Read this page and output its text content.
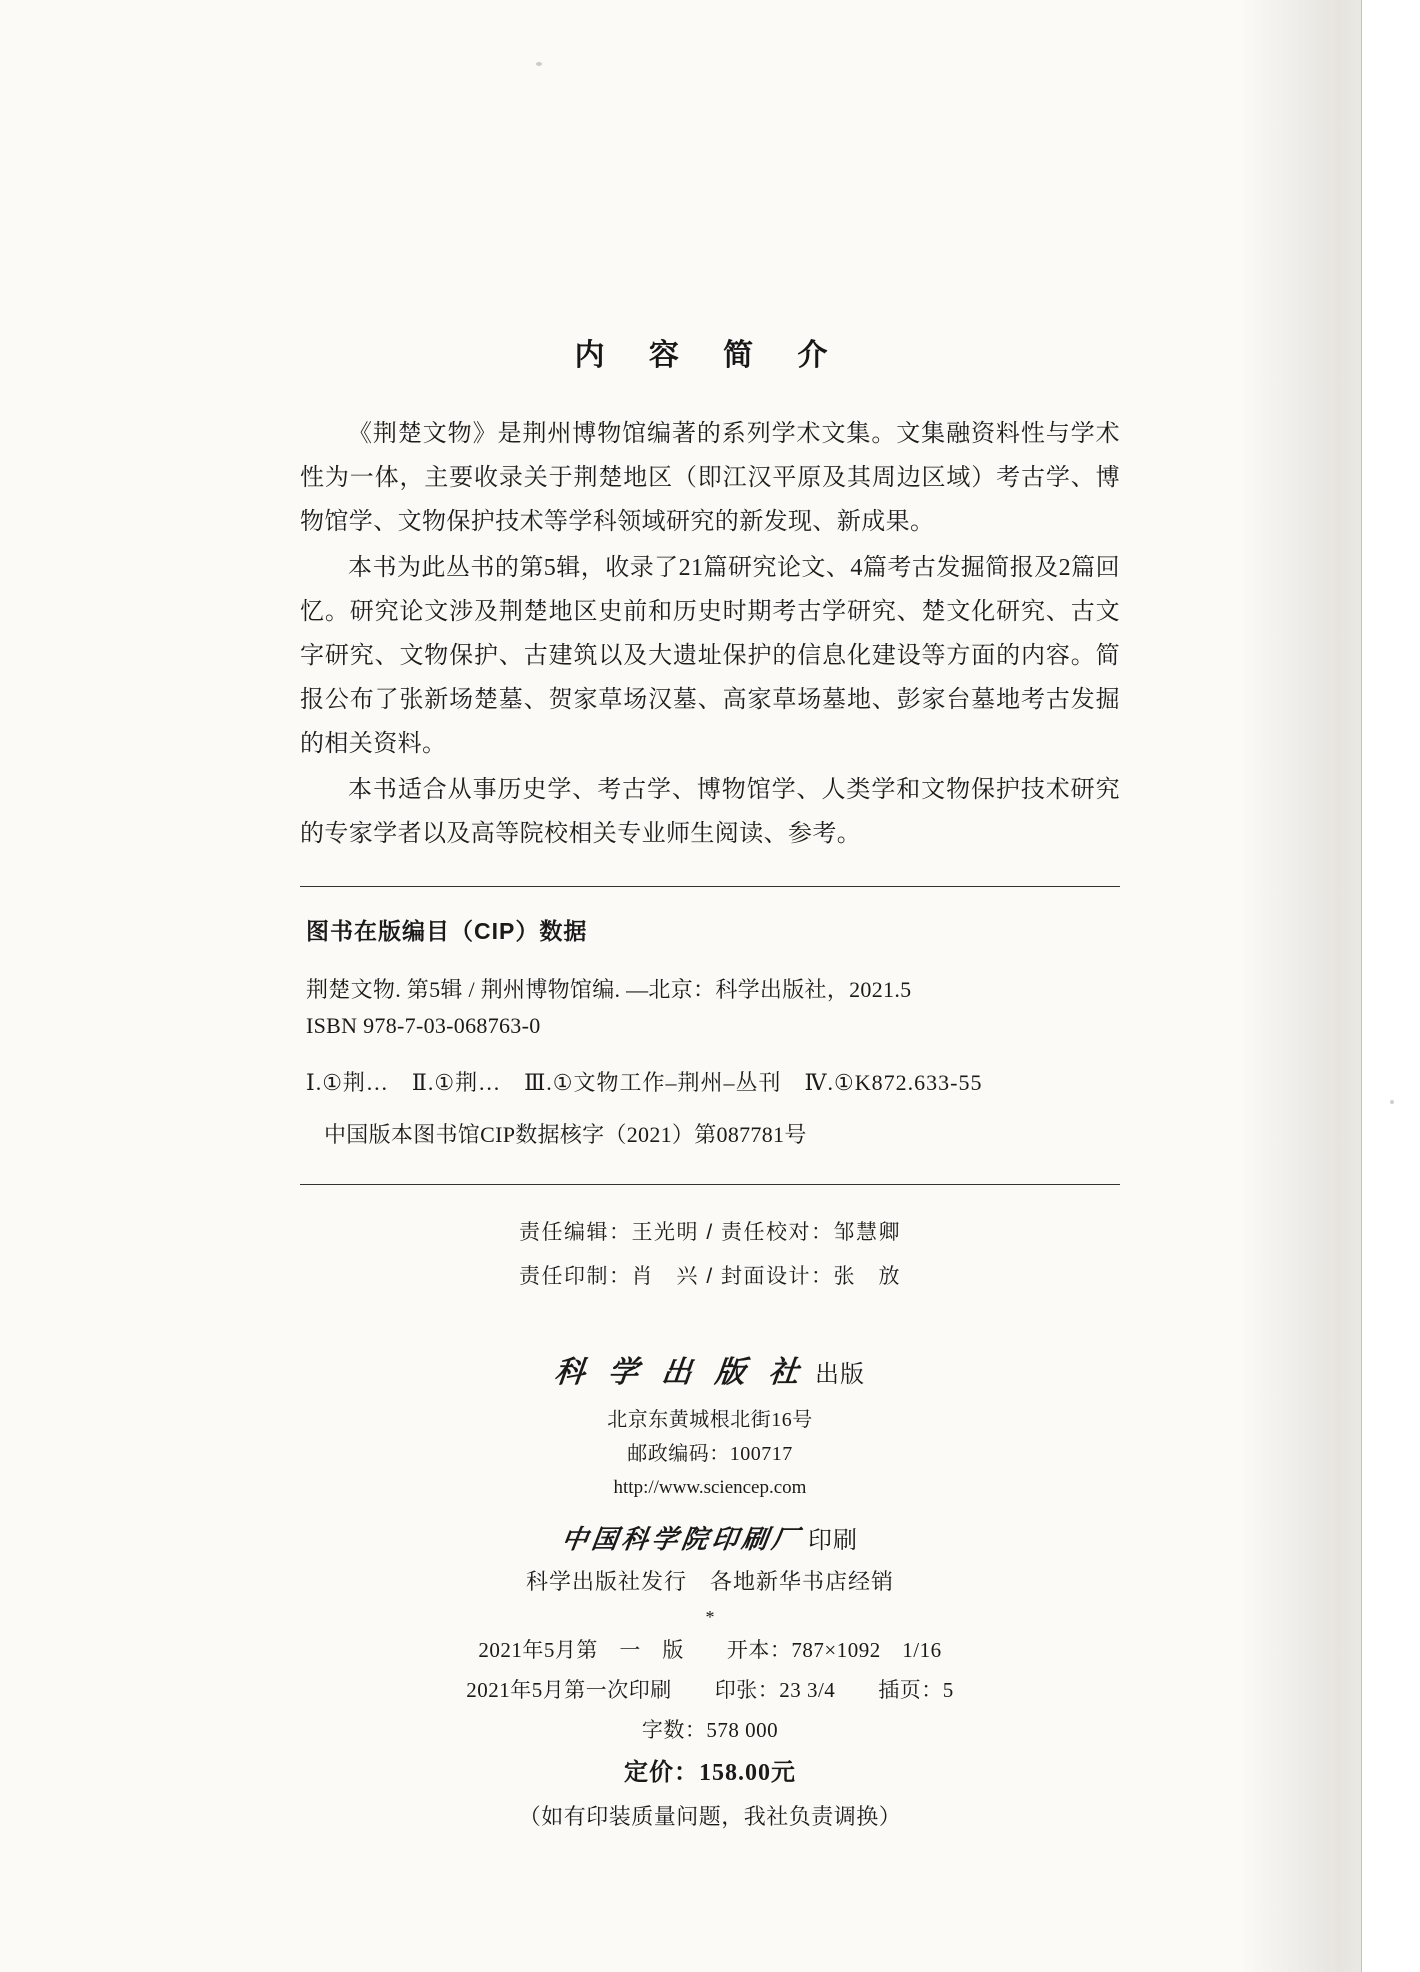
内 容 简 介

《荆楚文物》是荆州博物馆编著的系列学术文集。文集融资料性与学术性为一体，主要收录关于荆楚地区（即江汉平原及其周边区域）考古学、博物馆学、文物保护技术等学科领域研究的新发现、新成果。

本书为此丛书的第5辑，收录了21篇研究论文、4篇考古发掘简报及2篇回忆。研究论文涉及荆楚地区史前和历史时期考古学研究、楚文化研究、古文字研究、文物保护、古建筑以及大遗址保护的信息化建设等方面的内容。简报公布了张新场楚墓、贺家草场汉墓、高家草场墓地、彭家台墓地考古发掘的相关资料。

本书适合从事历史学、考古学、博物馆学、人类学和文物保护技术研究的专家学者以及高等院校相关专业师生阅读、参考。

图书在版编目（CIP）数据
荆楚文物. 第5辑 / 荆州博物馆编. —北京：科学出版社，2021.5
ISBN 978-7-03-068763-0
Ⅰ.①荆…　Ⅱ.①荆…　Ⅲ.①文物工作–荆州–丛刊　Ⅳ.①K872.633-55
中国版本图书馆CIP数据核字（2021）第087781号
责任编辑：王光明 / 责任校对：邹慧卿
责任印制：肖　兴 / 封面设计：张　放
科 学 出 版 社 出版
北京东黄城根北街16号
邮政编码：100717
http://www.sciencep.com
中国科学院印刷厂 印刷
科学出版社发行　各地新华书店经销
*
2021年5月第　一　版　　开本：787×1092　1/16
2021年5月第一次印刷　　印张：23 3/4　　插页：5
字数：578 000
定价：158.00元
（如有印装质量问题，我社负责调换）
